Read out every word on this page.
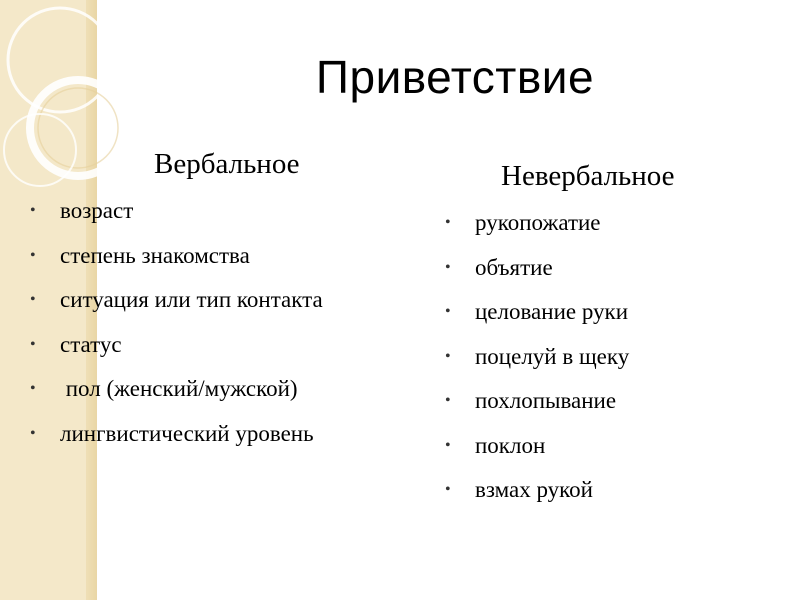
Приветствие
Вербальное
• возраст
• степень знакомства
• ситуация или тип контакта
• статус
• пол (женский/мужской)
• лингвистический уровень
Невербальное
• рукопожатие
• объятие
• целование руки
• поцелуй в щеку
• похлопывание
• поклон
• взмах рукой
